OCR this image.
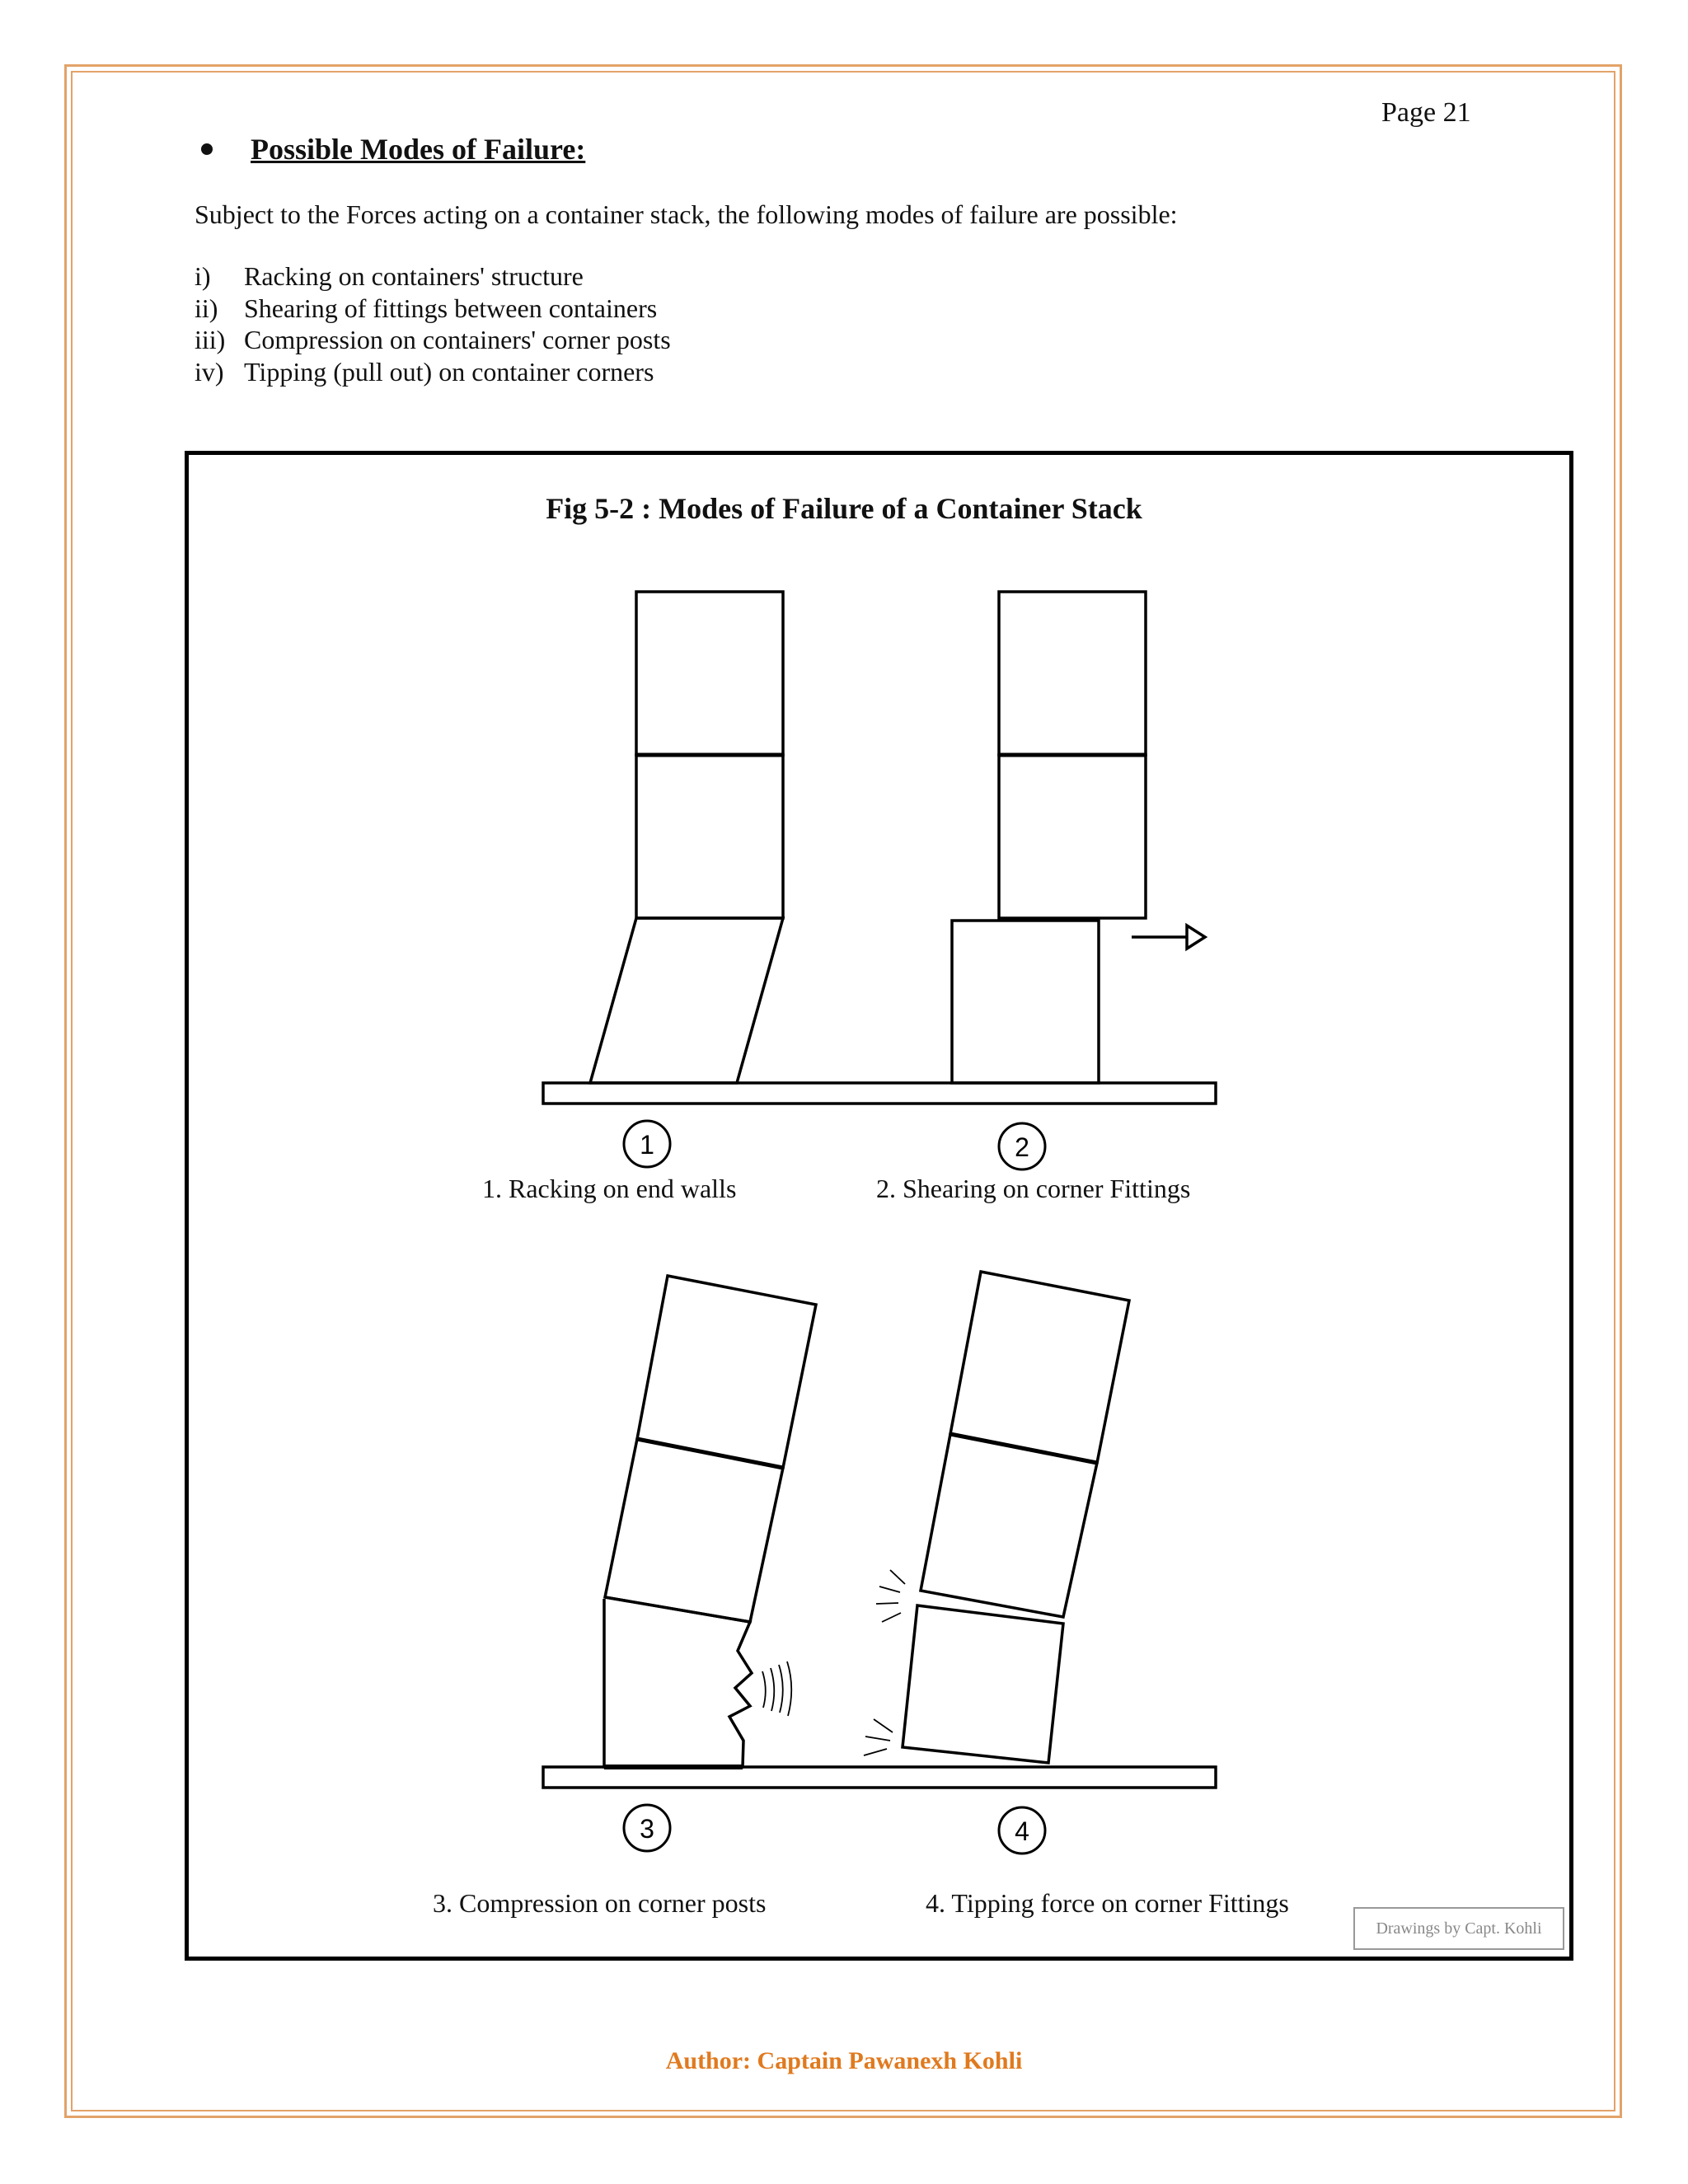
Page 21
Possible Modes of Failure:
Subject to the Forces acting on a container stack, the following modes of failure are possible:
i)	Racking on containers' structure
ii) Shearing of fittings between containers
iii) Compression on containers' corner posts
iv) Tipping (pull out) on container corners
Fig 5-2 : Modes of Failure of a Container Stack
1	2
3	4
1. Racking on end walls	2. Shearing on corner Fittings
3. Compression on corner posts	4. Tipping force on corner Fittings
Drawings by Capt. Kohli
Author: Captain Pawanexh Kohli
